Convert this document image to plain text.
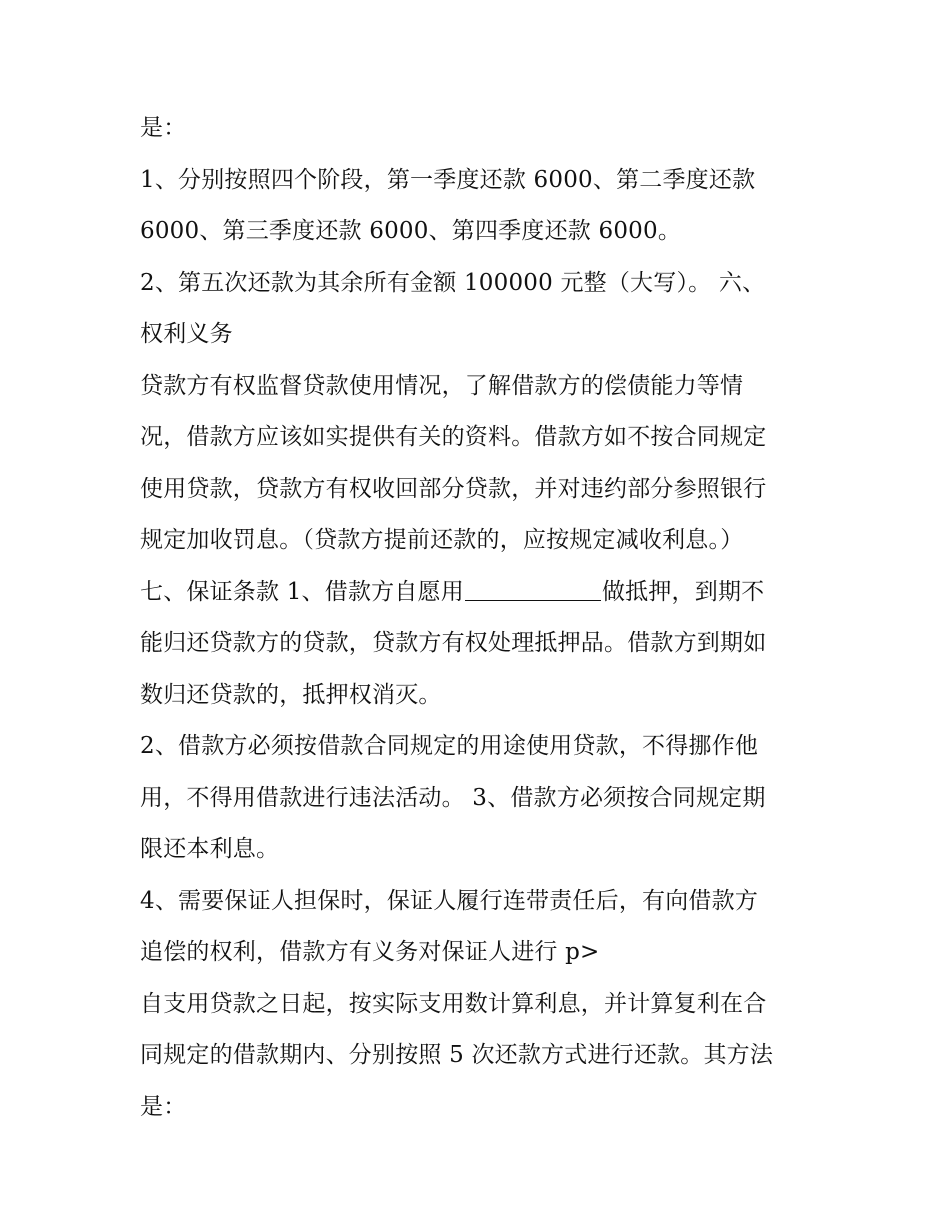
是：
1、分别按照四个阶段，第一季度还款 6000、第二季度还款
6000、第三季度还款 6000、第四季度还款 6000。
2、第五次还款为其余所有金额 100000 元整（大写）。 六、
权利义务
贷款方有权监督贷款使用情况，了解借款方的偿债能力等情
况，借款方应该如实提供有关的资料。借款方如不按合同规定
使用贷款，贷款方有权收回部分贷款，并对违约部分参照银行
规定加收罚息。（贷款方提前还款的，应按规定减收利息。）
七、保证条款 1、借款方自愿用	做抵押，到期不
能归还贷款方的贷款，贷款方有权处理抵押品。借款方到期如
数归还贷款的，抵押权消灭。
2、借款方必须按借款合同规定的用途使用贷款，不得挪作他
用，不得用借款进行违法活动。 3、借款方必须按合同规定期
限还本利息。
4、需要保证人担保时，保证人履行连带责任后，有向借款方
追偿的权利，借款方有义务对保证人进行 p>
自支用贷款之日起，按实际支用数计算利息，并计算复利在合
同规定的借款期内、分别按照 5 次还款方式进行还款。其方法
是：
